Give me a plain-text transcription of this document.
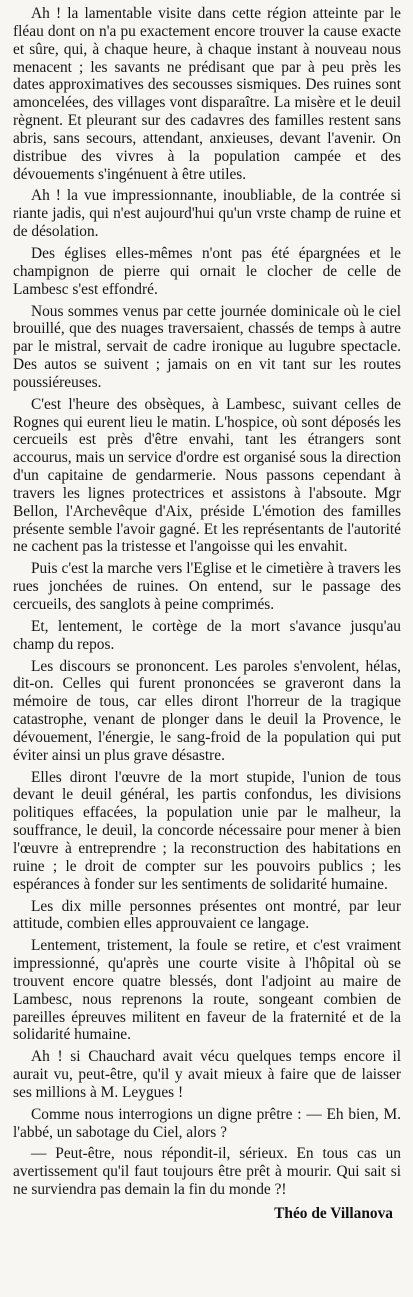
Ah ! la lamentable visite dans cette région atteinte par le fléau dont on n'a pu exactement encore trouver la cause exacte et sûre, qui, à chaque heure, à chaque instant à nouveau nous menacent ; les savants ne prédisant que par à peu près les dates approximatives des secousses sismiques. Des ruines sont amoncelées, des villages vont disparaître. La misère et le deuil règnent. Et pleurant sur des cadavres des familles restent sans abris, sans secours, attendant, anxieuses, devant l'avenir. On distribue des vivres à la population campée et des dévouements s'ingénuent à être utiles.

Ah ! la vue impressionnante, inoubliable, de la contrée si riante jadis, qui n'est aujourd'hui qu'un vrste champ de ruine et de désolation.

Des églises elles-mêmes n'ont pas été épargnées et le champignon de pierre qui ornait le clocher de celle de Lambesc s'est effondré.

Nous sommes venus par cette journée dominicale où le ciel brouillé, que des nuages traversaient, chassés de temps à autre par le mistral, servait de cadre ironique au lugubre spectacle. Des autos se suivent ; jamais on en vit tant sur les routes poussiéreuses.

C'est l'heure des obsèques, à Lambesc, suivant celles de Rognes qui eurent lieu le matin. L'hospice, où sont déposés les cercueils est près d'être envahi, tant les étrangers sont accourus, mais un service d'ordre est organisé sous la direction d'un capitaine de gendarmerie. Nous passons cependant à travers les lignes protectrices et assistons à l'absoute. Mgr Bellon, l'Archevêque d'Aix, préside L'émotion des familles présente semble l'avoir gagné. Et les représentants de l'autorité ne cachent pas la tristesse et l'angoisse qui les envahit.

Puis c'est la marche vers l'Eglise et le cimetière à travers les rues jonchées de ruines. On entend, sur le passage des cercueils, des sanglots à peine comprimés.

Et, lentement, le cortège de la mort s'avance jusqu'au champ du repos.

Les discours se prononcent. Les paroles s'envolent, hélas, dit-on. Celles qui furent prononcées se graveront dans la mémoire de tous, car elles diront l'horreur de la tragique catastrophe, venant de plonger dans le deuil la Provence, le dévouement, l'énergie, le sang-froid de la population qui put éviter ainsi un plus grave désastre.

Elles diront l'œuvre de la mort stupide, l'union de tous devant le deuil général, les partis confondus, les divisions politiques effacées, la population unie par le malheur, la souffrance, le deuil, la concorde nécessaire pour mener à bien l'œuvre à entreprendre ; la reconstruction des habitations en ruine ; le droit de compter sur les pouvoirs publics ; les espérances à fonder sur les sentiments de solidarité humaine.

Les dix mille personnes présentes ont montré, par leur attitude, combien elles approuvaient ce langage.

Lentement, tristement, la foule se retire, et c'est vraiment impressionné, qu'après une courte visite à l'hôpital où se trouvent encore quatre blessés, dont l'adjoint au maire de Lambesc, nous reprenons la route, songeant combien de pareilles épreuves militent en faveur de la fraternité et de la solidarité humaine.

Ah ! si Chauchard avait vécu quelques temps encore il aurait vu, peut-être, qu'il y avait mieux à faire que de laisser ses millions à M. Leygues !

Comme nous interrogions un digne prêtre : — Eh bien, M. l'abbé, un sabotage du Ciel, alors ?

— Peut-être, nous répondit-il, sérieux. En tous cas un avertissement qu'il faut toujours être prêt à mourir. Qui sait si ne surviendra pas demain la fin du monde ?!

Théo de Villanova
